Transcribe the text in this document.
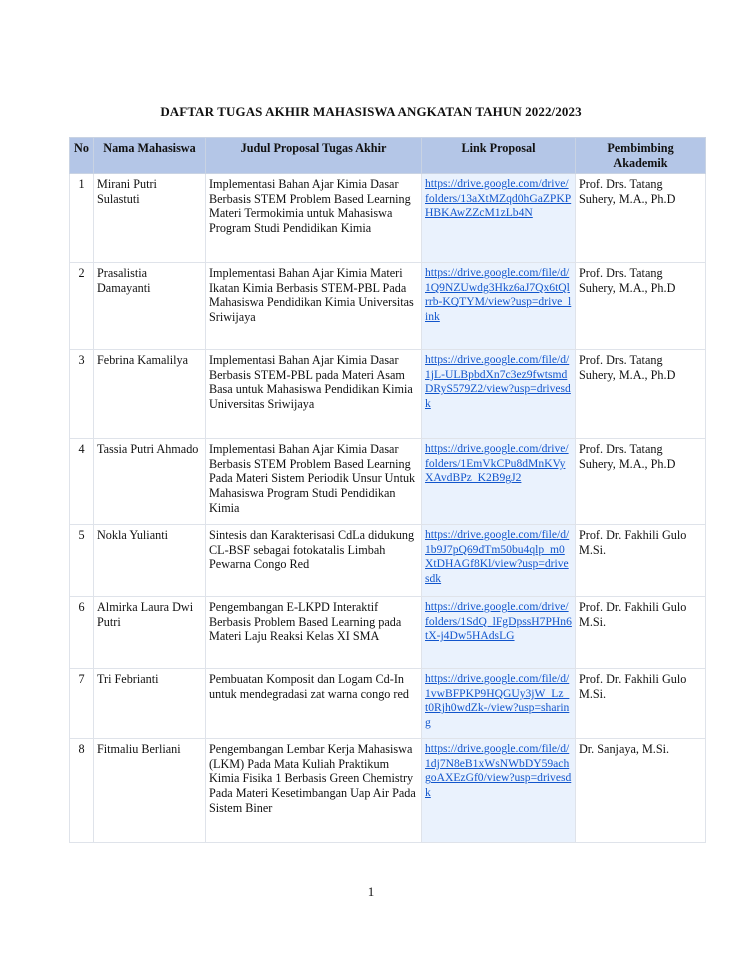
DAFTAR TUGAS AKHIR MAHASISWA ANGKATAN TAHUN 2022/2023
No	Nama Mahasiswa	Judul Proposal Tugas Akhir	Link Proposal	Pembimbing Akademik
1	Mirani Putri Sulastuti	Implementasi Bahan Ajar Kimia Dasar Berbasis STEM Problem Based Learning Materi Termokimia untuk Mahasiswa Program Studi Pendidikan Kimia	https://drive.google.com/drive/folders/13aXtMZqd0hGaZPKPHBKAwZZcM1zLb4N	Prof. Drs. Tatang Suhery, M.A., Ph.D
2	Prasalistia Damayanti	Implementasi Bahan Ajar Kimia Materi Ikatan Kimia Berbasis STEM-PBL Pada Mahasiswa Pendidikan Kimia Universitas Sriwijaya	https://drive.google.com/file/d/1Q9NZUwdg3Hkz6aJ7Qx6tQlrrb-KQTYM/view?usp=drive_link	Prof. Drs. Tatang Suhery, M.A., Ph.D
3	Febrina Kamalilya	Implementasi Bahan Ajar Kimia Dasar Berbasis STEM-PBL pada Materi Asam Basa untuk Mahasiswa Pendidikan Kimia Universitas Sriwijaya	https://drive.google.com/file/d/1jL-ULBpbdXn7c3ez9fwtsmdDRyS579Z2/view?usp=drivesdk	Prof. Drs. Tatang Suhery, M.A., Ph.D
4	Tassia Putri Ahmado	Implementasi Bahan Ajar Kimia Dasar Berbasis STEM Problem Based Learning Pada Materi Sistem Periodik Unsur Untuk Mahasiswa Program Studi Pendidikan Kimia	https://drive.google.com/drive/folders/1EmVkCPu8dMnKVyXAvdBPz_K2B9gJ2	Prof. Drs. Tatang Suhery, M.A., Ph.D
5	Nokla Yulianti	Sintesis dan Karakterisasi CdLa didukung CL-BSF sebagai fotokatalis Limbah Pewarna Congo Red	https://drive.google.com/file/d/1b9J7pQ69dTm50bu4qlp_m0XtDHAGf8Kl/view?usp=drivesdk	Prof. Dr. Fakhili Gulo M.Si.
6	Almirka Laura Dwi Putri	Pengembangan E-LKPD Interaktif Berbasis Problem Based Learning pada Materi Laju Reaksi Kelas XI SMA	https://drive.google.com/drive/folders/1SdQ_lFgDpssH7PHn6tX-j4Dw5HAdsLG	Prof. Dr. Fakhili Gulo M.Si.
7	Tri Febrianti	Pembuatan Komposit dan Logam Cd-In untuk mendegradasi zat warna congo red	https://drive.google.com/file/d/1vwBFPKP9HQGUy3jW_Lz_t0Rjh0wdZk-/view?usp=sharing	Prof. Dr. Fakhili Gulo M.Si.
8	Fitmaliu Berliani	Pengembangan Lembar Kerja Mahasiswa (LKM) Pada Mata Kuliah Praktikum Kimia Fisika 1 Berbasis Green Chemistry Pada Materi Kesetimbangan Uap Air Pada Sistem Biner	https://drive.google.com/file/d/1dj7N8eB1xWsNWbDY59achgoAXEzGf0/view?usp=drivesdk	Dr. Sanjaya, M.Si.
1
